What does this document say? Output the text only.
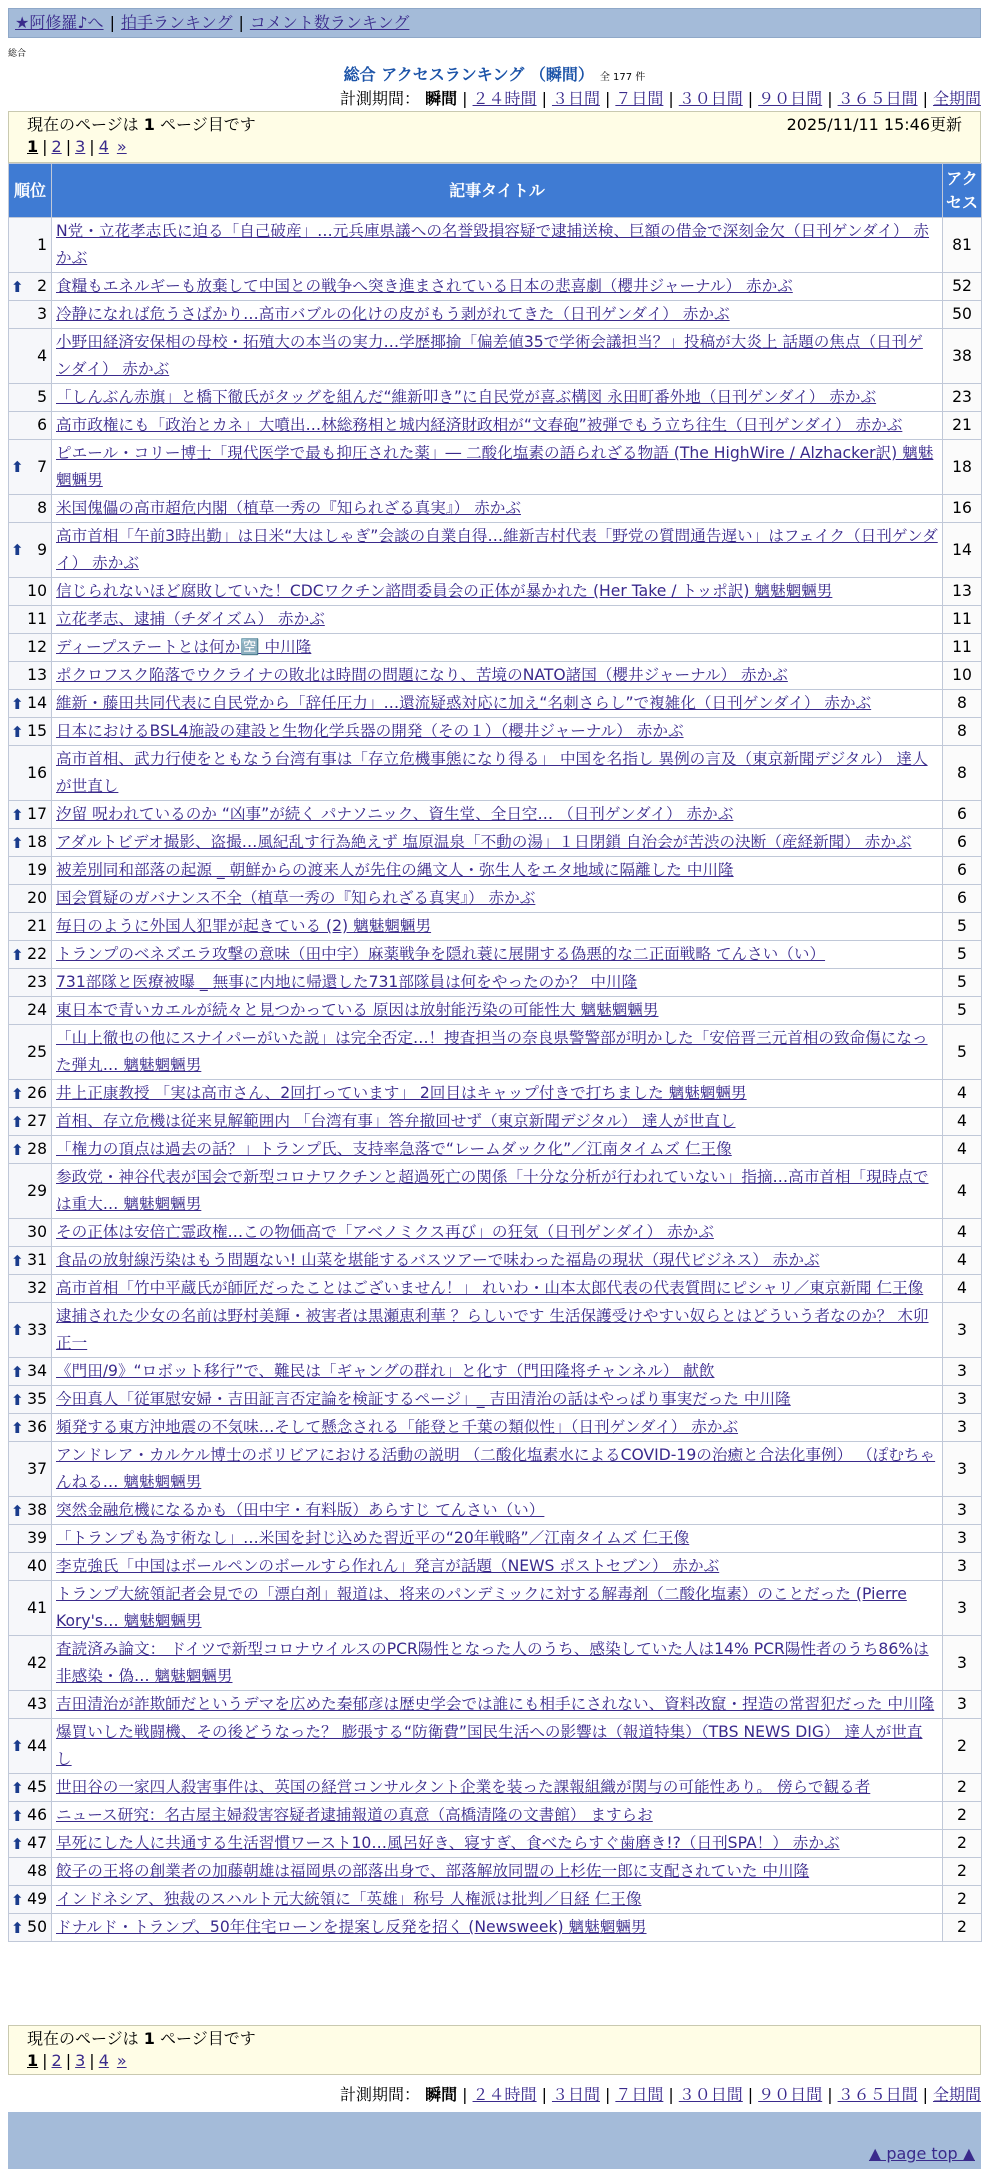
★阿修羅♪へ | 拍手ランキング | コメント数ランキング
総合
総合 アクセスランキング （瞬間） 全 177 件
計測期間： 瞬間 | ２４時間 | ３日間 | ７日間 | ３０日間 | ９０日間 | ３６５日間 | 全期間
現在のページは 1 ページ目です	2025/11/11 15:46更新
1 | 2 | 3 | 4 »
順位	記事タイトル	アクセス
1	N党・立花孝志氏に迫る「自己破産」…元兵庫県議への名誉毀損容疑で逮捕送検、巨額の借金で深刻金欠（日刊ゲンダイ） 赤かぶ	81

⬆ 2	食糧もエネルギーも放棄して中国との戦争へ突き進まされている日本の悲喜劇（櫻井ジャーナル） 赤かぶ	52
3	冷静になれば危うさばかり…高市バブルの化けの皮がもう剥がれてきた（日刊ゲンダイ） 赤かぶ	50
4	小野田経済安保相の母校・拓殖大の本当の実力…学歴揶揄「偏差値35で学術会議担当？」投稿が大炎上 話題の焦点（日刊ゲンダイ） 赤かぶ	38
5	「しんぶん赤旗」と橋下徹氏がタッグを組んだ“維新叩き”に自民党が喜ぶ構図 永田町番外地（日刊ゲンダイ） 赤かぶ	23
6	高市政権にも「政治とカネ」大噴出…林総務相と城内経済財政相が“文春砲”被弾でもう立ち往生（日刊ゲンダイ） 赤かぶ	21

⬆ 7	ピエール・コリー博士「現代医学で最も抑圧された薬」― 二酸化塩素の語られざる物語 (The HighWire / Alzhacker訳) 魑魅魍魎男	18
8	米国傀儡の高市超危内閣（植草一秀の『知られざる真実』） 赤かぶ	16

⬆ 9	高市首相「午前3時出勤」は日米“大はしゃぎ”会談の自業自得…維新吉村代表「野党の質問通告遅い」はフェイク（日刊ゲンダイ） 赤かぶ	14
10	信じられないほど腐敗していた！CDCワクチン諮問委員会の正体が暴かれた (Her Take / トッポ訳) 魑魅魍魎男	13
11	立花孝志、逮捕（チダイズム） 赤かぶ	11
12	ディープステートとは何か🈳 中川隆	11
13	ポクロフスク陥落でウクライナの敗北は時間の問題になり、苦境のNATO諸国（櫻井ジャーナル） 赤かぶ	10

⬆ 14	維新・藤田共同代表に自民党から「辞任圧力」…還流疑惑対応に加え“名刺さらし”で複雑化（日刊ゲンダイ） 赤かぶ	8

⬆ 15	日本におけるBSL4施設の建設と生物化学兵器の開発（その１）（櫻井ジャーナル） 赤かぶ	8
16	高市首相、武力行使をともなう台湾有事は「存立危機事態になり得る」 中国を名指し 異例の言及（東京新聞デジタル） 達人が世直し	8

⬆ 17	汐留 呪われているのか “凶事”が続く パナソニック、資生堂、全日空… （日刊ゲンダイ） 赤かぶ	6

⬆ 18	アダルトビデオ撮影、盗撮…風紀乱す行為絶えず 塩原温泉「不動の湯」１日閉鎖 自治会が苦渋の決断（産経新聞） 赤かぶ	6
19	被差別同和部落の起源 _ 朝鮮からの渡来人が先住の縄文人・弥生人をエタ地域に隔離した 中川隆	6
20	国会質疑のガバナンス不全（植草一秀の『知られざる真実』） 赤かぶ	6
21	毎日のように外国人犯罪が起きている (2) 魑魅魍魎男	5

⬆ 22	トランプのベネズエラ攻撃の意味（田中宇）麻薬戦争を隠れ蓑に展開する偽悪的な二正面戦略 てんさい（い）	5
23	731部隊と医療被曝 _ 無事に内地に帰還した731部隊員は何をやったのか？ 中川隆	5
24	東日本で青いカエルが続々と見つかっている 原因は放射能汚染の可能性大 魑魅魍魎男	5
25	「山上徹也の他にスナイパーがいた説」は完全否定…！捜査担当の奈良県警警部が明かした「安倍晋三元首相の致命傷になった弾丸… 魑魅魍魎男	5

⬆ 26	井上正康教授 「実は高市さん、2回打っています」 2回目はキャップ付きで打ちました 魑魅魍魎男	4

⬆ 27	首相、存立危機は従来見解範囲内 「台湾有事」答弁撤回せず（東京新聞デジタル） 達人が世直し	4

⬆ 28	「権力の頂点は過去の話？」トランプ氏、支持率急落で“レームダック化”／江南タイムズ 仁王像	4
29	参政党・神谷代表が国会で新型コロナワクチンと超過死亡の関係「十分な分析が行われていない」指摘…高市首相「現時点では重大… 魑魅魍魎男	4
30	その正体は安倍亡霊政権…この物価高で「アベノミクス再び」の狂気（日刊ゲンダイ） 赤かぶ	4

⬆ 31	食品の放射線汚染はもう問題ない! 山菜を堪能するバスツアーで味わった福島の現状（現代ビジネス） 赤かぶ	4
32	高市首相「竹中平蔵氏が師匠だったことはございません！」 れいわ・山本太郎代表の代表質問にピシャリ／東京新聞 仁王像	4

⬆ 33	逮捕された少女の名前は野村美輝・被害者は黒瀬恵利華 ？らしいです 生活保護受けやすい奴らとはどういう者なのか？ 木卯正一	3

⬆ 34	《門田/9》“ロボット移行”で、難民は「ギャングの群れ」と化す（門田隆将チャンネル） 献飲	3

⬆ 35	今田真人「従軍慰安婦・吉田証言否定論を検証するページ」_ 吉田清治の話はやっぱり事実だった 中川隆	3

⬆ 36	頻発する東方沖地震の不気味…そして懸念される「能登と千葉の類似性」（日刊ゲンダイ） 赤かぶ	3
37	アンドレア・カルケル博士のボリビアにおける活動の説明 （二酸化塩素水によるCOVID-19の治癒と合法化事例） （ぽむちゃんねる… 魑魅魍魎男	3

⬆ 38	突然金融危機になるかも（田中宇・有料版）あらすじ てんさい（い）	3
39	「トランプも為す術なし」…米国を封じ込めた習近平の“20年戦略”／江南タイムズ 仁王像	3
40	李克強氏「中国はボールペンのボールすら作れん」発言が話題（NEWS ポストセブン） 赤かぶ	3
41	トランプ大統領記者会見での「漂白剤」報道は、将来のパンデミックに対する解毒剤（二酸化塩素）のことだった (Pierre Kory's… 魑魅魍魎男	3
42	査読済み論文： ドイツで新型コロナウイルスのPCR陽性となった人のうち、感染していた人は14% PCR陽性者のうち86%は非感染・偽… 魑魅魍魎男	3
43	吉田清治が詐欺師だというデマを広めた秦郁彦は歴史学会では誰にも相手にされない、資料改竄・捏造の常習犯だった 中川隆	3

⬆ 44	爆買いした戦闘機、その後どうなった？ 膨張する“防衛費”国民生活への影響は（報道特集）（TBS NEWS DIG） 達人が世直し	2

⬆ 45	世田谷の一家四人殺害事件は、英国の経営コンサルタント企業を装った課報組織が関与の可能性あり。 傍らで観る者	2

⬆ 46	ニュース研究：名古屋主婦殺害容疑者逮捕報道の真意（高橋清隆の文書館） ますらお	2

⬆ 47	早死にした人に共通する生活習慣ワースト10…風呂好き、寝すぎ、食べたらすぐ歯磨き!?（日刊SPA！） 赤かぶ	2
48	餃子の王将の創業者の加藤朝雄は福岡県の部落出身で、部落解放同盟の上杉佐一郎に支配されていた 中川隆	2

⬆ 49	インドネシア、独裁のスハルト元大統領に「英雄」称号 人権派は批判／日経 仁王像	2

⬆ 50	ドナルド・トランプ、50年住宅ローンを提案し反発を招く (Newsweek) 魑魅魍魎男	2
現在のページは 1 ページ目です
1 | 2 | 3 | 4 »
計測期間： 瞬間 | ２４時間 | ３日間 | ７日間 | ３０日間 | ９０日間 | ３６５日間 | 全期間
▲ page top ▲
